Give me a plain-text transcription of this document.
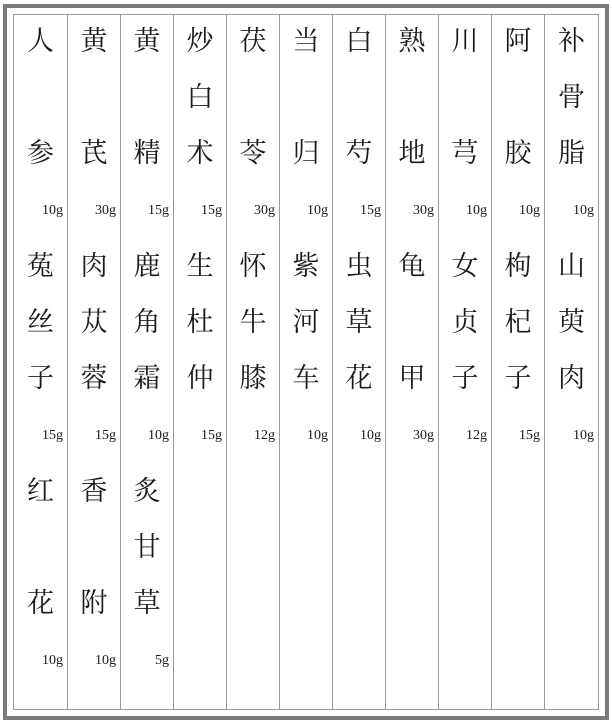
人
参
10g
菟
丝
子
15g
红
花
10g
黄
芪
30g
肉
苁
蓉
15g
香
附
10g
黄
精
15g
鹿
角
霜
10g
炙
甘
草
5g
炒
白
术
15g
生
杜
仲
15g
茯
苓
30g
怀
牛
膝
12g
当
归
10g
紫
河
车
10g
白
芍
15g
虫
草
花
10g
熟
地
30g
龟
甲
30g
川
芎
10g
女
贞
子
12g
阿
胶
10g
枸
杞
子
15g
补
骨
脂
10g
山
萸
肉
10g
